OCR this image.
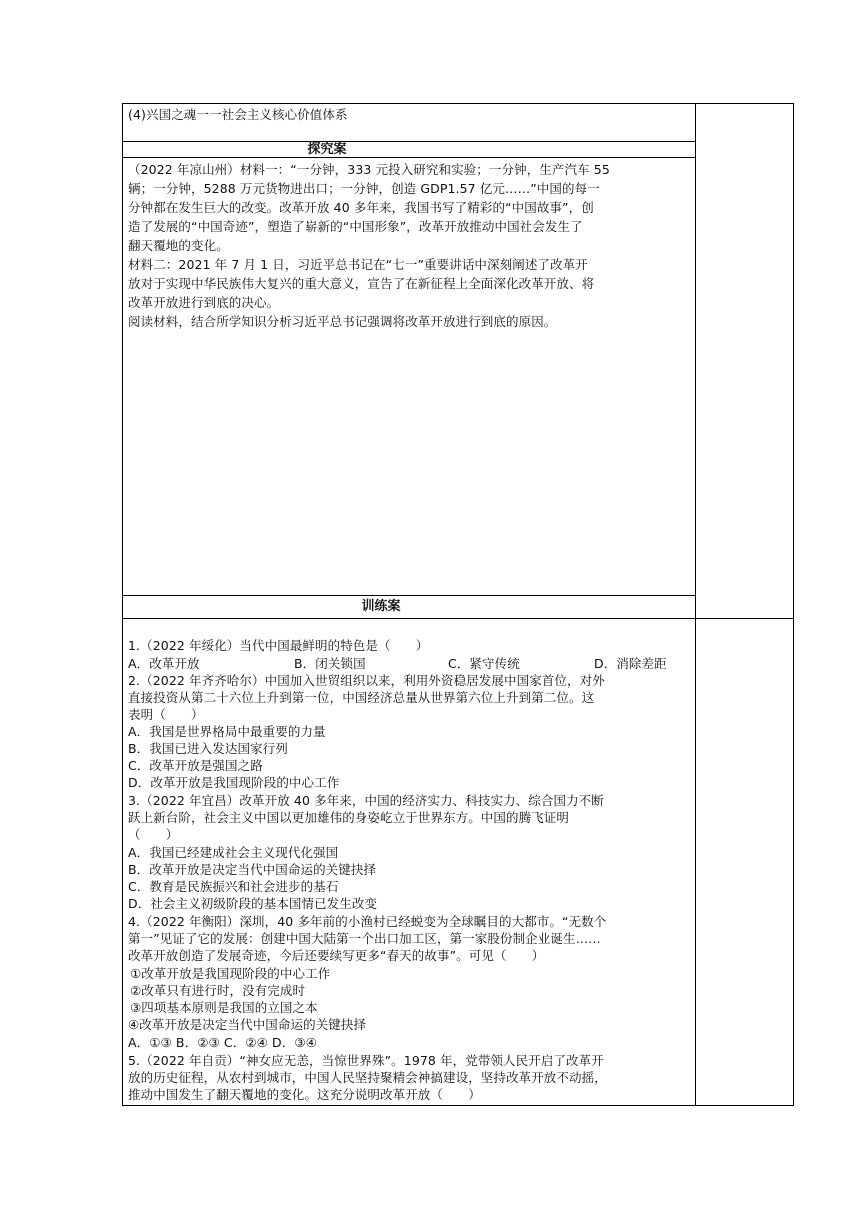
(4)兴国之魂一一社会主义核心价值体系
探究案
（2022 年凉山州）材料一：“一分钟，333 元投入研究和实验；一分钟，生产汽车 55
辆；一分钟，5288 万元货物进出口；一分钟，创造 GDP1.57 亿元……”中国的每一
分钟都在发生巨大的改变。改革开放 40 多年来，我国书写了精彩的“中国故事”，创
造了发展的“中国奇迹”，塑造了崭新的“中国形象”，改革开放推动中国社会发生了
翻天覆地的变化。
材料二：2021 年 7 月 1 日，习近平总书记在“七一”重要讲话中深刻阐述了改革开
放对于实现中华民族伟大复兴的重大意义，宣告了在新征程上全面深化改革开放、将
改革开放进行到底的决心。
阅读材料，结合所学知识分析习近平总书记强调将改革开放进行到底的原因。
训练案
1.（2022 年绥化）当代中国最鲜明的特色是（　　）
A．改革开放	B．闭关锁国	C．紧守传统	D．消除差距
2.（2022 年齐齐哈尔）中国加入世贸组织以来，利用外资稳居发展中国家首位，对外
直接投资从第二十六位上升到第一位，中国经济总量从世界第六位上升到第二位。这
表明（　　）
A．我国是世界格局中最重要的力量
B．我国已进入发达国家行列
C．改革开放是强国之路
D．改革开放是我国现阶段的中心工作
3.（2022 年宜昌）改革开放 40 多年来，中国的经济实力、科技实力、综合国力不断
跃上新台阶，社会主义中国以更加雄伟的身姿屹立于世界东方。中国的腾飞证明
（　　）
A．我国已经建成社会主义现代化强国
B．改革开放是决定当代中国命运的关键抉择
C．教育是民族振兴和社会进步的基石
D．社会主义初级阶段的基本国情已发生改变
4.（2022 年衡阳）深圳，40 多年前的小渔村已经蜕变为全球瞩目的大都市。“无数个
第一”见证了它的发展：创建中国大陆第一个出口加工区，第一家股份制企业诞生……
改革开放创造了发展奇迹，今后还要续写更多“春天的故事”。可见（　　）
①改革开放是我国现阶段的中心工作
②改革只有进行时，没有完成时
③四项基本原则是我国的立国之本
④改革开放是决定当代中国命运的关键抉择
A．①③ B．②③ C．②④ D．③④
5.（2022 年自贡）“神女应无恙，当惊世界殊”。1978 年，党带领人民开启了改革开
放的历史征程，从农村到城市，中国人民坚持聚精会神搞建设，坚持改革开放不动摇，
推动中国发生了翻天覆地的变化。这充分说明改革开放（　　）
